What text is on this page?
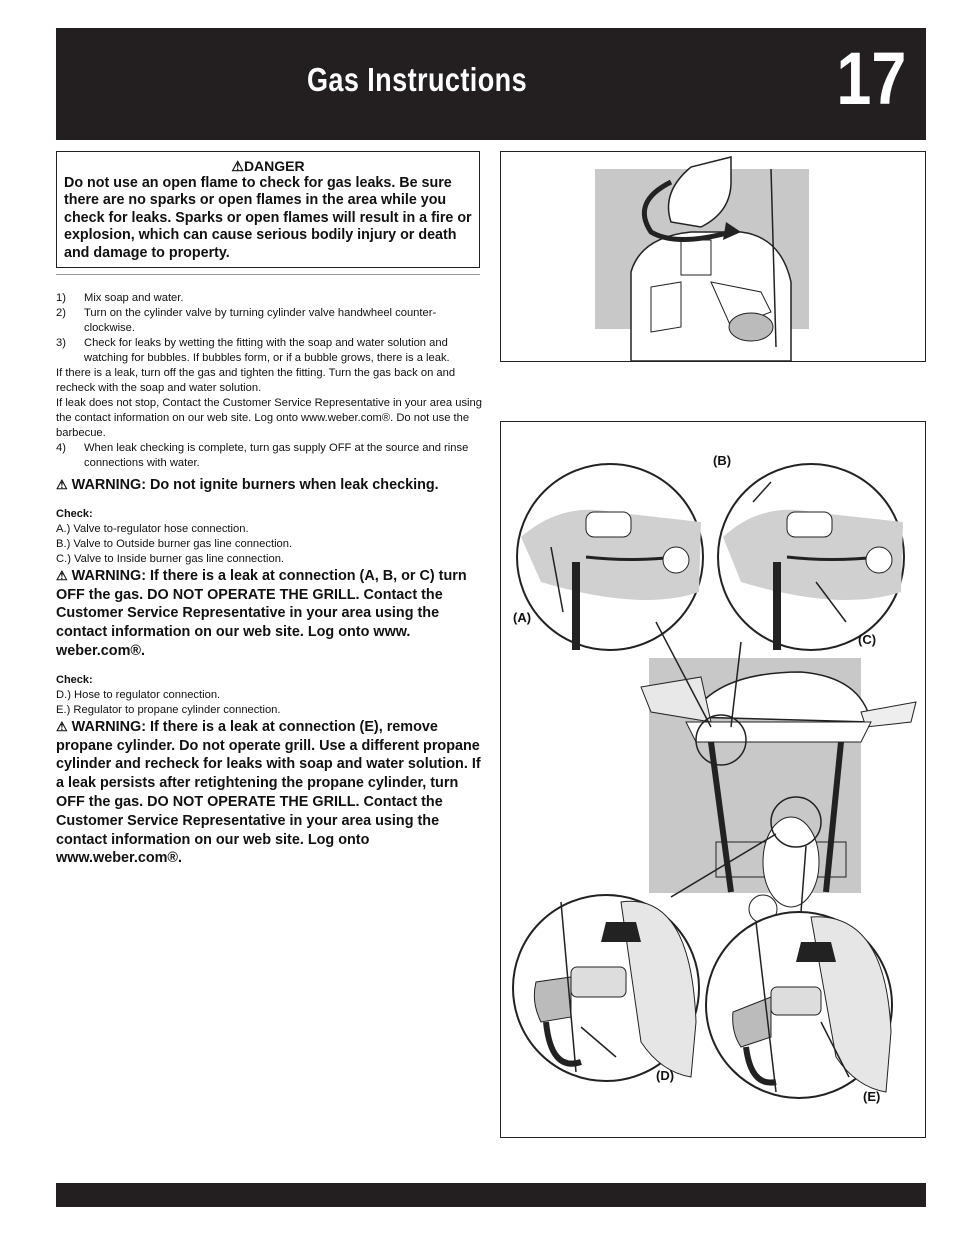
Gas Instructions	17
⚠DANGER
Do not use an open flame to check for gas leaks. Be sure there are no sparks or open flames in the area while you check for leaks. Sparks or open flames will result in a fire or explosion, which can cause serious bodily injury or death and damage to property.
1)	Mix soap and water.
2)	Turn on the cylinder valve by turning cylinder valve handwheel counter-clockwise.
3)	Check for leaks by wetting the fitting with the soap and water solution and watching for bubbles. If bubbles form, or if a bubble grows, there is a leak.
If there is a leak, turn off the gas and tighten the fitting. Turn the gas back on and recheck with the soap and water solution.
If leak does not stop, Contact the Customer Service Representative in your area using the contact information on our web site. Log onto www.weber.com®. Do not use the barbecue.
4)	When leak checking is complete, turn gas supply OFF at the source and rinse connections with water.
⚠ WARNING: Do not ignite burners when leak checking.
Check:
A.) Valve to-regulator hose connection.
B.) Valve to Outside burner gas line connection.
C.) Valve to Inside burner gas line connection.
⚠ WARNING: If there is a leak at connection (A, B, or C) turn OFF the gas. DO NOT OPERATE THE GRILL. Contact the Customer Service Representative in your area using the contact information on our web site. Log onto www. weber.com®.
Check:
D.) Hose to regulator connection.
E.) Regulator to propane cylinder connection.
⚠ WARNING: If there is a leak at connection (E), remove propane cylinder. Do not operate grill. Use a different propane cylinder and recheck for leaks with soap and water solution. If a leak persists after retightening the propane cylinder, turn OFF the gas. DO NOT OPERATE THE GRILL. Contact the Customer Service Representative in your area using the contact information on our web site. Log onto www.weber.com®.
(B)
(A)
(C)
(D)
(E)
